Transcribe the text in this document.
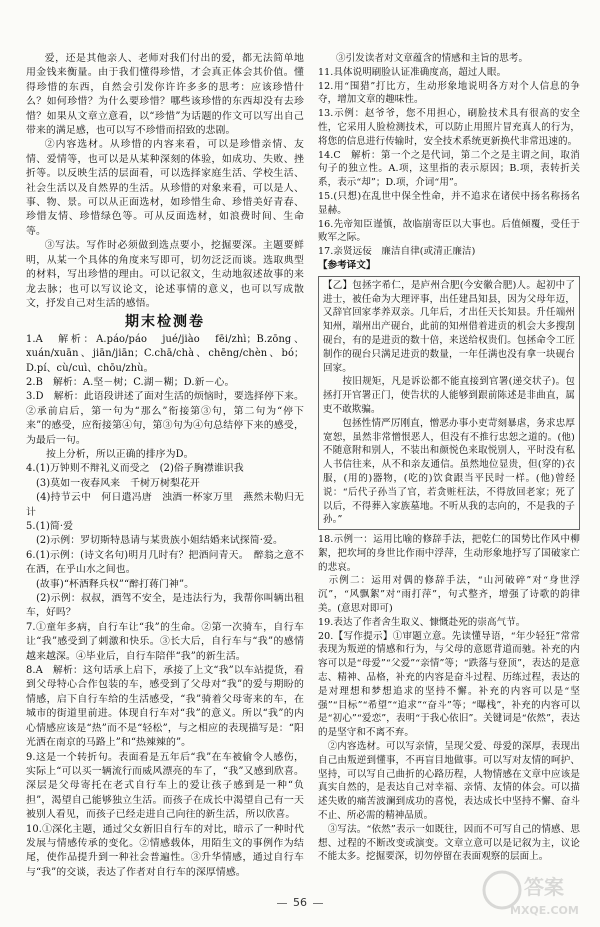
爱，还是其他亲人、老师对我们付出的爱，都无法简单地用金钱来衡量。由于我们懂得珍惜，才会真正体会其价值。懂得珍惜的东西，自然会引发你许许多多的思考：应该珍惜什么？如何珍惜？为什么要珍惜？哪些该珍惜的东西却没有去珍惜？如果从文章立意看，以“珍惜”为话题的作文可以写出自己带来的满足感，也可以写不珍惜而招致的悲剧。

②内容选材。从珍惜的内容来看，可以是珍惜亲情、友情、爱情等，也可以是从某种深刻的体验，如成功、失败、挫折等。以反映生活的层面看，可以选择家庭生活、学校生活、社会生活以及自然界的生活。从珍惜的对象来看，可以是人、事、物、景。可以从正面选材，如珍惜生命、珍惜美好青春、珍惜友情、珍惜绿色等。可从反面选材，如浪费时间、生命等。

③写法。写作时必须做到选点要小，挖掘要深。主题要鲜明，从某一个具体的角度来写即可，切勿泛泛而谈。选取典型的材料，写出珍惜的理由。可以记叙文，生动地叙述故事的来龙去脉；也可以写议论文，论述事情的意义，也可以写成散文，抒发自己对生活的感悟。

期末检测卷

1.A　解析：A.páo/páo　jué/jiào　fēi/zhì；B.zōng、xuán/xuān、jiān/jiān；C.chā/chà、chēng/chèn、bó；D.pí、cù/cuì、chōu/zhù。

2.B　解析：A.坚－树；C.湖－糊；D.新－心。

3.D　解析：此语段讲述了面对生活的烦恼时，要选择停下来。②承前启后，第一句为“那么”衔接第③句，第二句为“停下来”的感受，应衔接第④句，第③句为④句总结停下来的感受，为最后一句。

　　按上分析，所以正确的排序为D。

4.(1)万钟则不辩礼义而受之　(2)俗子胸襟谁识我

　(3)莫如一夜春风来　千树万树梨花开

　(4)持节云中　何日遣冯唐　浊酒一杯家万里　燕然未勒归无计

5.(1)简·爱

　(2)示例：罗切斯特恳请与某贵族小姐结婚来试探简·爱。

6.(1)示例：(诗文名句)明月几时有？把酒问青天。　醉翁之意不在酒，在乎山水之间也。

　(故事)“杯酒释兵权”“醉打蒋门神”。

　(2)示例：叔叔，酒驾不安全，是违法行为，我帮你叫辆出租车，好吗？

7.①童年多病，自行车让“我”的生命。②第一次骑车，自行车让“我”感受到了刺激和快乐。③长大后，自行车与“我”的感情越来越深。④毕业后，自行车陪伴“我”的新生活。

8.A　解析：这句话承上启下，承接了上文“我”以车站提货，看到父母特心合作包装的车，感受到了父母对“我”的爱与期盼的情感，启下自行车给的生活感受，“我”骑着父母寄来的车，在城市的街道里前进。体现自行车对“我”的意义。所以“我”的内心情感应该是“热”而不是“轻松”，与之相应的表现描写是：“阳光洒在南京的马路上”和“热辣辣的”。

9.这是一个转折句。表面看是五年后“我”在车被偷令人感伤，实际上“可以买一辆流行而威风漂亮的车了，“我”又感到欣喜。深层是父母寄托在老式自行车上的爱让孩子感到是一种“负担”，渴望自己能够独立生活。而孩子在成长中渴望自己有一天被别人看见，而孩子已经走进自己向往的新生活，所以欣喜。

10.①深化主题，通过父女新旧自行车的对比，暗示了一种时代发展与情感传承的变化。②情感载体，用陌生文的事例作为结尾，使作品提升到一种社会普遍性。③升华情感，通过自行车与“我”的交谈，表达了作者对自行车的深厚情感。

③引发读者对文章蕴含的情感和主旨的思考。

11.具体说明刷脸认证准确度高，超过人眼。

12.用“围猎”打比方，生动形象地说明各方对个人信息的争夺，增加文章的趣味性。

13.示例：赵爷爷，您不用担心，刷脸技术具有很高的安全性，它采用人脸检测技术，可以防止用照片冒充真人的行为，将您的信息进行传输时，安全技术系统更新换代非常迅速的。

14.C　解析：第一个之是代词，第二个之是主谓之间，取消句子的独立性。A.项，这里指的表示原因；B.项，表转折关系，表示“却”；D.项，介词“用”。

15.(只想)在乱世中保全性命，并不追求在诸侯中扬名称扬名显赫。

16.先帝知臣谨慎，故临崩寄臣以大事也。后值倾覆，受任于败军之际。

17.亲贤远佞　廉洁自律(或清正廉洁)

【参考译文】

【乙】包拯字希仁，是庐州合肥(今安徽合肥)人。起初中了进士，被任命为大理评事，出任建昌知县，因为父母年迈，又辞官回家孝养双亲。几年后，才出任天长知县。升任端州知州，端州出产砚台，此前的知州借着进贡的机会大多搜刮砚台，有的是进贡的数十倍，来送给权贵们。包拯命令工匠制作的砚台只满足进贡的数量，一年任满也没有拿一块砚台回家。

　　按旧规矩，凡是诉讼都不能直接到官署(递交状子)。包拯打开官署正门，使告状的人能够到跟前陈述是非曲直，属吏不敢欺骗。

　　包拯性情严厉刚直，憎恶办事小吏苛刻暴虐，务求忠厚宽恕，虽然非常憎恨恶人，但没有不推行忠恕之道的。(他)不随意附和别人，不装出和颜悦色来取悦别人，平时没有私人书信往来，从不和亲友通信。虽然地位显贵，但(穿的)衣服，(用的)器物，(吃的)饮食跟当平民时一样。(他)曾经说：“后代子孙当了官，若贪赃枉法，不得放回老家；死了以后，不得葬入家族墓地。不听从我的志向的，不是我的子孙。”

18.示例一：运用比喻的修辞手法，把乾仁的国势比作风中柳絮，把坎坷的身世比作雨中浮萍，生动形象地抒写了国破家亡的悲哀。

　示例二：运用对偶的修辞手法，“山河破碎”对“身世浮沉”，“风飘絮”对“雨打萍”，句式整齐，增强了诗歌的韵律美。(意思对即可)

19.表达了作者舍生取义、慷慨赴死的崇高气节。

20.【写作提示】①审题立意。先读懂导语，“年少轻狂”常常表现为叛逆的情感和行为，与父母的意愿背道而驰。补充的内容可以是“母爱”“父爱”“亲情”等；“跌落与登顶”，表达的是意志、精神、品格，补充的内容是奋斗过程、历练过程，表达的是对理想和梦想追求的坚持不懈。补充的内容可以是“坚强”“目标”“希望”“追求”“奋斗”等；“曝栈”，补充的内容可以是“初心”“爱恋”，表明“于我心依旧”。关键词是“依然”，表达的是坚守和不离不弃。

　②内容选材。可以写亲情，呈现父爱、母爱的深厚，表现出自己由叛逆到懂事，不再盲目地做事。可以写对友情的呵护、坚持，可以写自己曲折的心路历程，人物情感在文章中应该是真实自然的，是表达自己对幸福、亲情、友情的体会。可以描述失败的痛苦波澜到成功的喜悦，表达成长中坚持不懈、奋斗不止、所必需的精神品质。

　③写法。“依然”表示一如既往，因而不可写自己的情感、思想、过程的不断改变或演变。文章立意可以是记叙为主，议论不能太多。挖掘要深，切勿停留在表面观察的层面上。

56
答案
MXQE.COM
